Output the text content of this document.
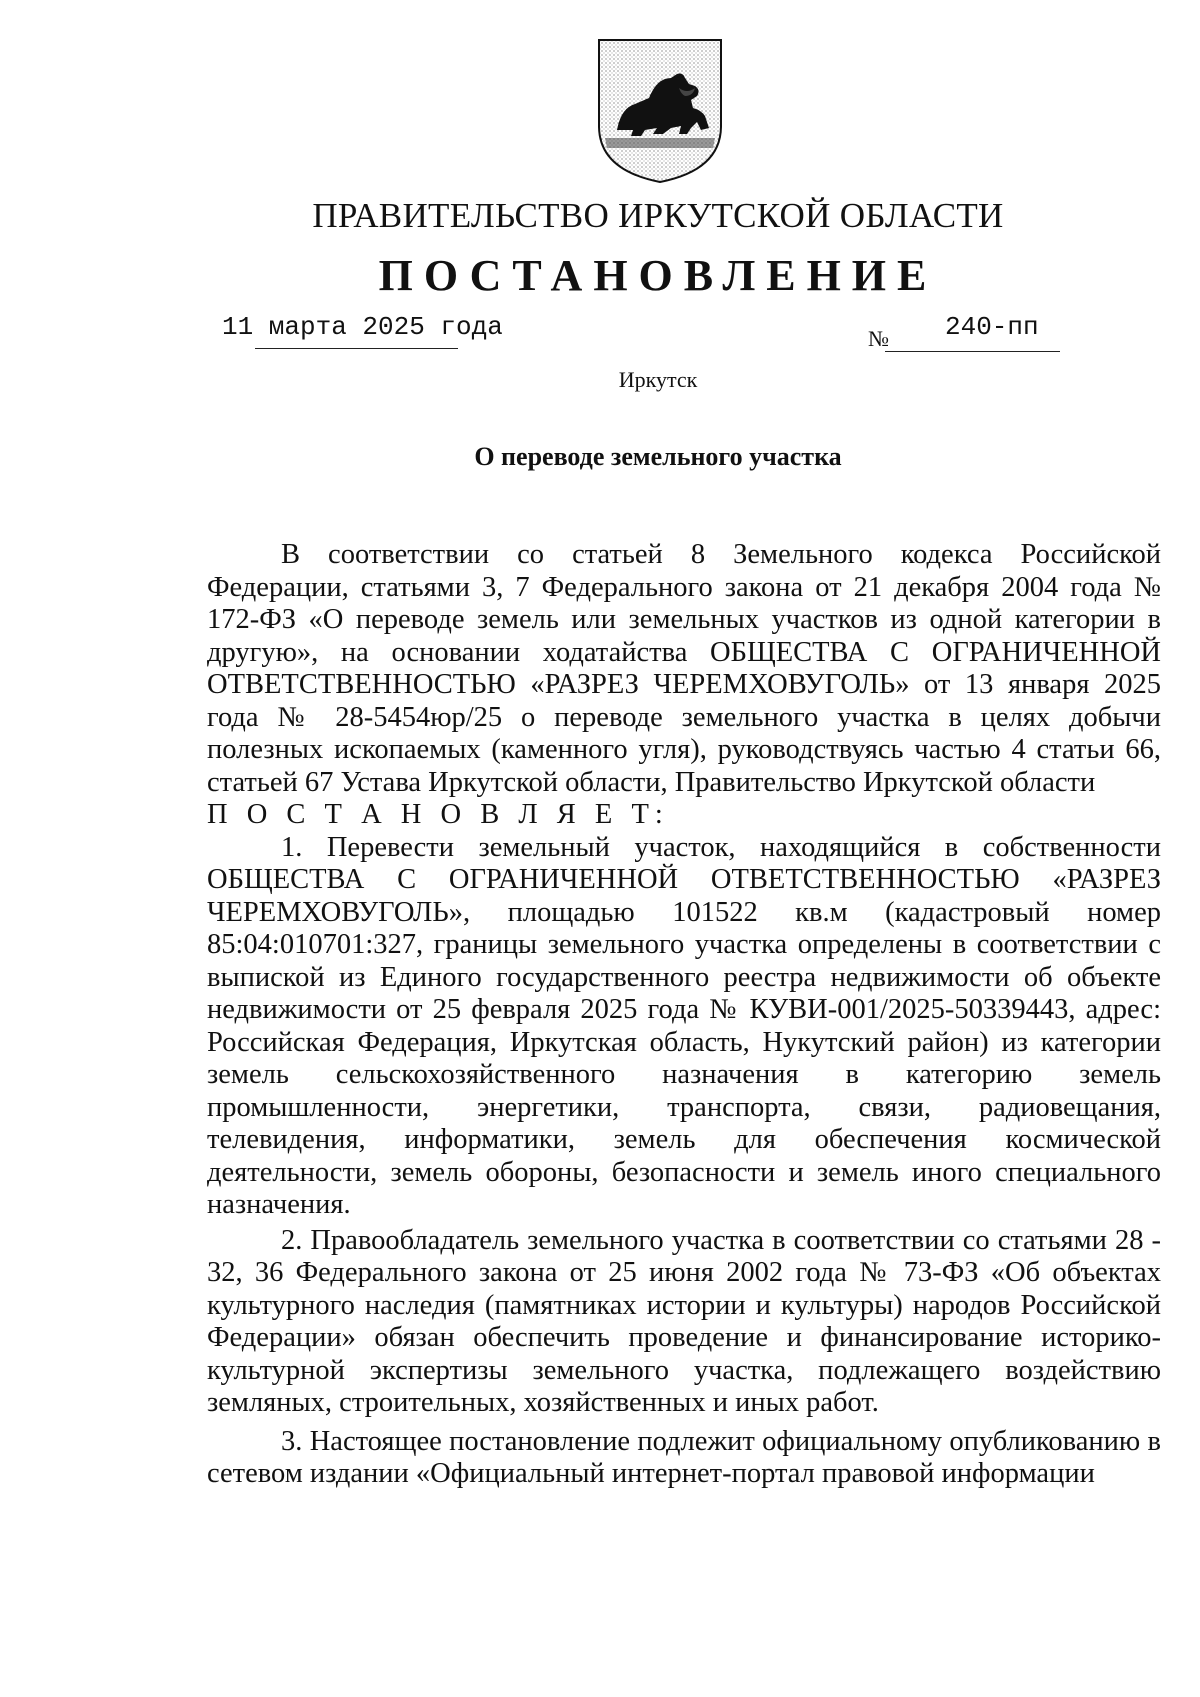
ПРАВИТЕЛЬСТВО ИРКУТСКОЙ ОБЛАСТИ
ПОСТАНОВЛЕНИЕ
11 марта 2025 года	№ 240-пп
Иркутск
О переводе земельного участка

В соответствии со статьей 8 Земельного кодекса Российской Федерации, статьями 3, 7 Федерального закона от 21 декабря 2004 года № 172-ФЗ «О переводе земель или земельных участков из одной категории в другую», на основании ходатайства ОБЩЕСТВА С ОГРАНИЧЕННОЙ ОТВЕТСТВЕННОСТЬЮ «РАЗРЕЗ ЧЕРЕМХОВУГОЛЬ» от 13 января 2025 года № 28-5454юр/25 о переводе земельного участка в целях добычи полезных ископаемых (каменного угля), руководствуясь частью 4 статьи 66, статьей 67 Устава Иркутской области, Правительство Иркутской области

П О С Т А Н О В Л Я Е Т:

1. Перевести земельный участок, находящийся в собственности ОБЩЕСТВА С ОГРАНИЧЕННОЙ ОТВЕТСТВЕННОСТЬЮ «РАЗРЕЗ ЧЕРЕМХОВУГОЛЬ», площадью 101522 кв.м (кадастровый номер 85:04:010701:327, границы земельного участка определены в соответствии с выпиской из Единого государственного реестра недвижимости об объекте недвижимости от 25 февраля 2025 года № КУВИ-001/2025-50339443, адрес: Российская Федерация, Иркутская область, Нукутский район) из категории земель сельскохозяйственного назначения в категорию земель промышленности, энергетики, транспорта, связи, радиовещания, телевидения, информатики, земель для обеспечения космической деятельности, земель обороны, безопасности и земель иного специального назначения.

2. Правообладатель земельного участка в соответствии со статьями 28 - 32, 36 Федерального закона от 25 июня 2002 года № 73-ФЗ «Об объектах культурного наследия (памятниках истории и культуры) народов Российской Федерации» обязан обеспечить проведение и финансирование историко-культурной экспертизы земельного участка, подлежащего воздействию земляных, строительных, хозяйственных и иных работ.

3. Настоящее постановление подлежит официальному опубликованию в сетевом издании «Официальный интернет-портал правовой информации
